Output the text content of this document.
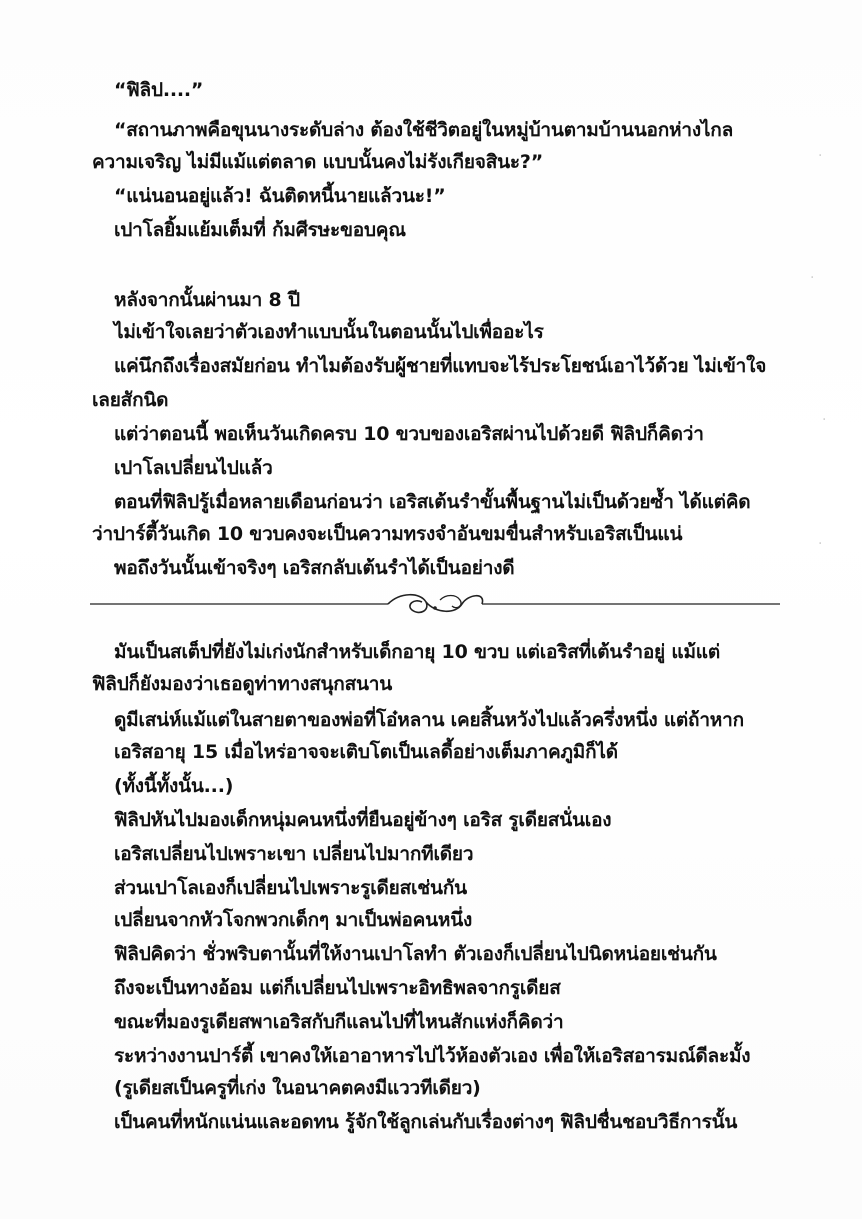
“ฟิลิป....”
“สถานภาพคือขุนนางระดับล่าง ต้องใช้ชีวิตอยู่ในหมู่บ้านตามบ้านนอกห่างไกล
ความเจริญ ไม่มีแม้แต่ตลาด แบบนั้นคงไม่รังเกียจสินะ?”
“แน่นอนอยู่แล้ว! ฉันติดหนี้นายแล้วนะ!”
เปาโลยิ้มแย้มเต็มที่ ก้มศีรษะขอบคุณ
หลังจากนั้นผ่านมา 8 ปี
ไม่เข้าใจเลยว่าตัวเองทำแบบนั้นในตอนนั้นไปเพื่ออะไร
แค่นึกถึงเรื่องสมัยก่อน ทำไมต้องรับผู้ชายที่แทบจะไร้ประโยชน์เอาไว้ด้วย ไม่เข้าใจ
เลยสักนิด
แต่ว่าตอนนี้ พอเห็นวันเกิดครบ 10 ขวบของเอริสผ่านไปด้วยดี ฟิลิปก็คิดว่า
เปาโลเปลี่ยนไปแล้ว
ตอนที่ฟิลิปรู้เมื่อหลายเดือนก่อนว่า เอริสเต้นรำขั้นพื้นฐานไม่เป็นด้วยซ้ำ ได้แต่คิด
ว่าปาร์ตี้วันเกิด 10 ขวบคงจะเป็นความทรงจำอันขมขื่นสำหรับเอริสเป็นแน่
พอถึงวันนั้นเข้าจริงๆ เอริสกลับเต้นรำได้เป็นอย่างดี
มันเป็นสเต็ปที่ยังไม่เก่งนักสำหรับเด็กอายุ 10 ขวบ แต่เอริสที่เต้นรำอยู่ แม้แต่
ฟิลิปก็ยังมองว่าเธอดูท่าทางสนุกสนาน
ดูมีเสน่ห์แม้แต่ในสายตาของพ่อที่โอ๋หลาน เคยสิ้นหวังไปแล้วครึ่งหนึ่ง แต่ถ้าหาก
เอริสอายุ 15 เมื่อไหร่อาจจะเติบโตเป็นเลดี้อย่างเต็มภาคภูมิก็ได้
(ทั้งนี้ทั้งนั้น...)
ฟิลิปหันไปมองเด็กหนุ่มคนหนึ่งที่ยืนอยู่ข้างๆ เอริส รูเดียสนั่นเอง
เอริสเปลี่ยนไปเพราะเขา เปลี่ยนไปมากทีเดียว
ส่วนเปาโลเองก็เปลี่ยนไปเพราะรูเดียสเช่นกัน
เปลี่ยนจากหัวโจกพวกเด็กๆ มาเป็นพ่อคนหนึ่ง
ฟิลิปคิดว่า ชั่วพริบตานั้นที่ให้งานเปาโลทำ ตัวเองก็เปลี่ยนไปนิดหน่อยเช่นกัน
ถึงจะเป็นทางอ้อม แต่ก็เปลี่ยนไปเพราะอิทธิพลจากรูเดียส
ขณะที่มองรูเดียสพาเอริสกับกีแลนไปที่ไหนสักแห่งก็คิดว่า
ระหว่างงานปาร์ตี้ เขาคงให้เอาอาหารไปไว้ห้องตัวเอง เพื่อให้เอริสอารมณ์ดีละมั้ง
(รูเดียสเป็นครูที่เก่ง ในอนาคตคงมีแววทีเดียว)
เป็นคนที่หนักแน่นและอดทน รู้จักใช้ลูกเล่นกับเรื่องต่างๆ ฟิลิปชื่นชอบวิธีการนั้น
·
·
·
·
